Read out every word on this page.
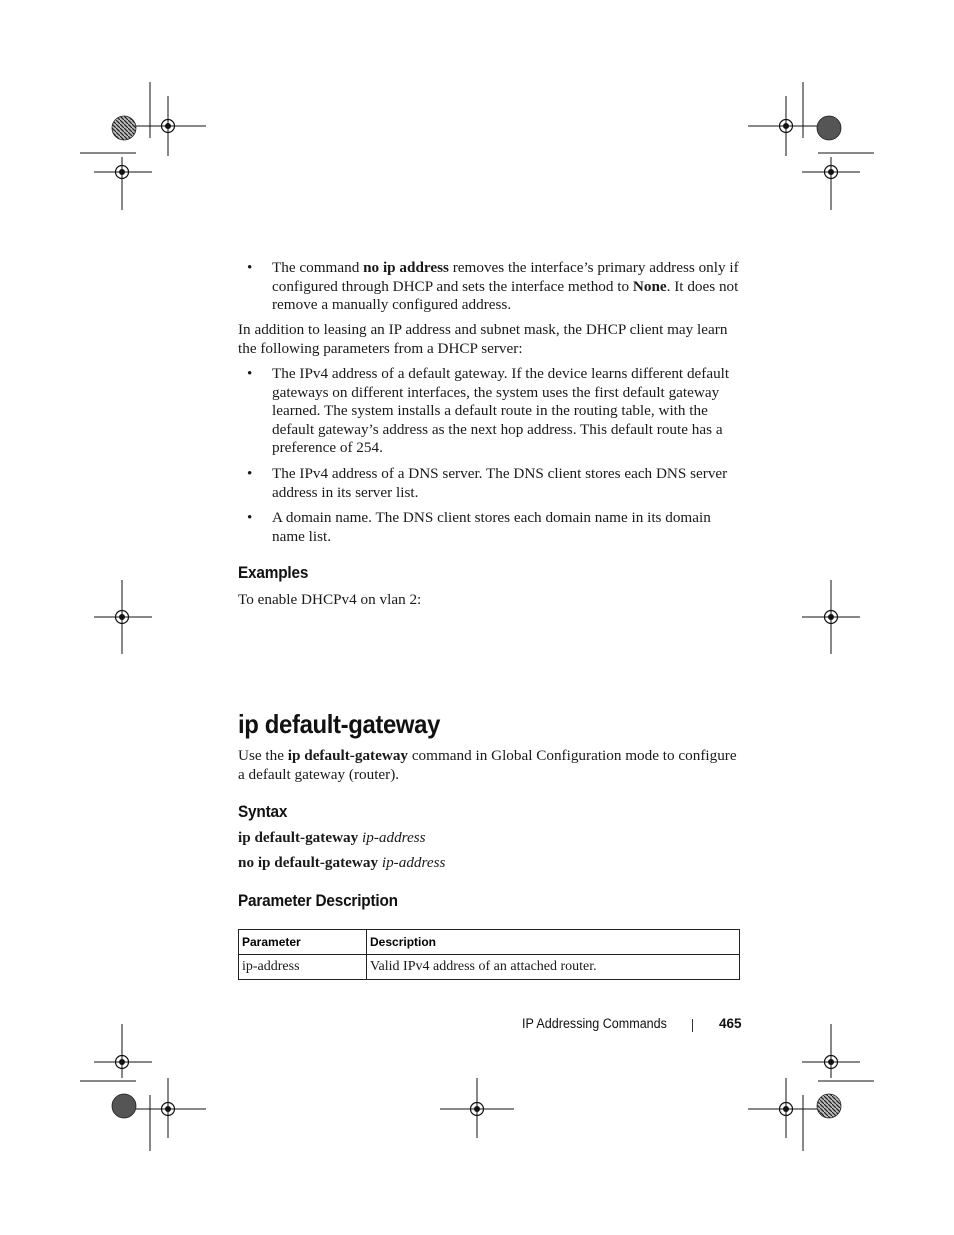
• The command no ip address removes the interface’s primary address only if configured through DHCP and sets the interface method to None. It does not remove a manually configured address.

In addition to leasing an IP address and subnet mask, the DHCP client may learn the following parameters from a DHCP server:

• The IPv4 address of a default gateway. If the device learns different default gateways on different interfaces, the system uses the first default gateway learned. The system installs a default route in the routing table, with the default gateway’s address as the next hop address. This default route has a preference of 254.
• The IPv4 address of a DNS server. The DNS client stores each DNS server address in its server list.
• A domain name. The DNS client stores each domain name in its domain name list.
Examples

To enable DHCPv4 on vlan 2:

ip default-gateway

Use the ip default-gateway command in Global Configuration mode to configure a default gateway (router).

Syntax

ip default-gateway ip-address

no ip default-gateway ip-address

Parameter Description
Parameter	Description
ip-address	Valid IPv4 address of an attached router.
IP Addressing Commands	465
